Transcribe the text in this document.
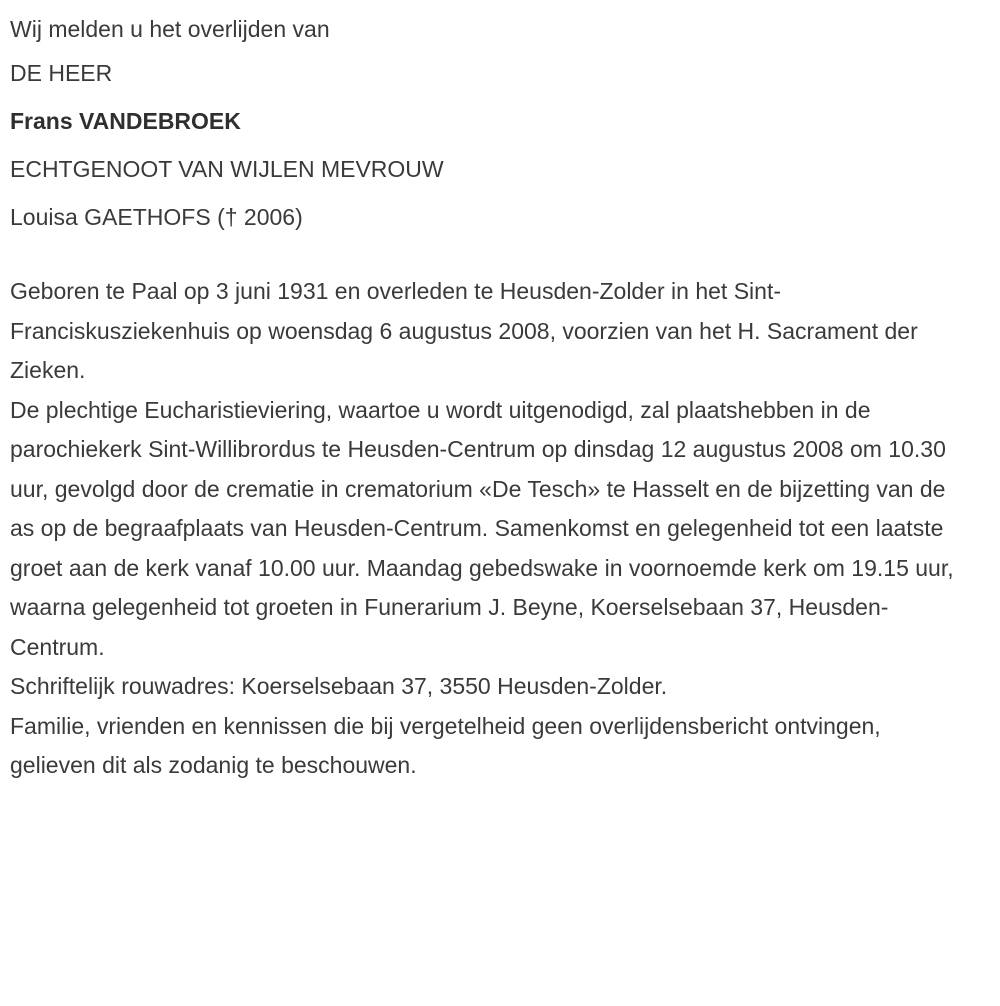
Wij melden u het overlijden van

DE HEER

Frans VANDEBROEK

ECHTGENOOT VAN WIJLEN MEVROUW

Louisa GAETHOFS († 2006)

Geboren te Paal op 3 juni 1931 en overleden te Heusden-Zolder in het Sint-Franciskusziekenhuis op woensdag 6 augustus 2008, voorzien van het H. Sacrament der Zieken.

De plechtige Eucharistieviering, waartoe u wordt uitgenodigd, zal plaatshebben in de parochiekerk Sint-Willibrordus te Heusden-Centrum op dinsdag 12 augustus 2008 om 10.30 uur, gevolgd door de crematie in crematorium «De Tesch» te Hasselt en de bijzetting van de as op de begraafplaats van Heusden-Centrum. Samenkomst en gelegenheid tot een laatste groet aan de kerk vanaf 10.00 uur. Maandag gebedswake in voornoemde kerk om 19.15 uur, waarna gelegenheid tot groeten in Funerarium J. Beyne, Koerselsebaan 37, Heusden-Centrum.

Schriftelijk rouwadres: Koerselsebaan 37, 3550 Heusden-Zolder.

Familie, vrienden en kennissen die bij vergetelheid geen overlijdensbericht ontvingen, gelieven dit als zodanig te beschouwen.
